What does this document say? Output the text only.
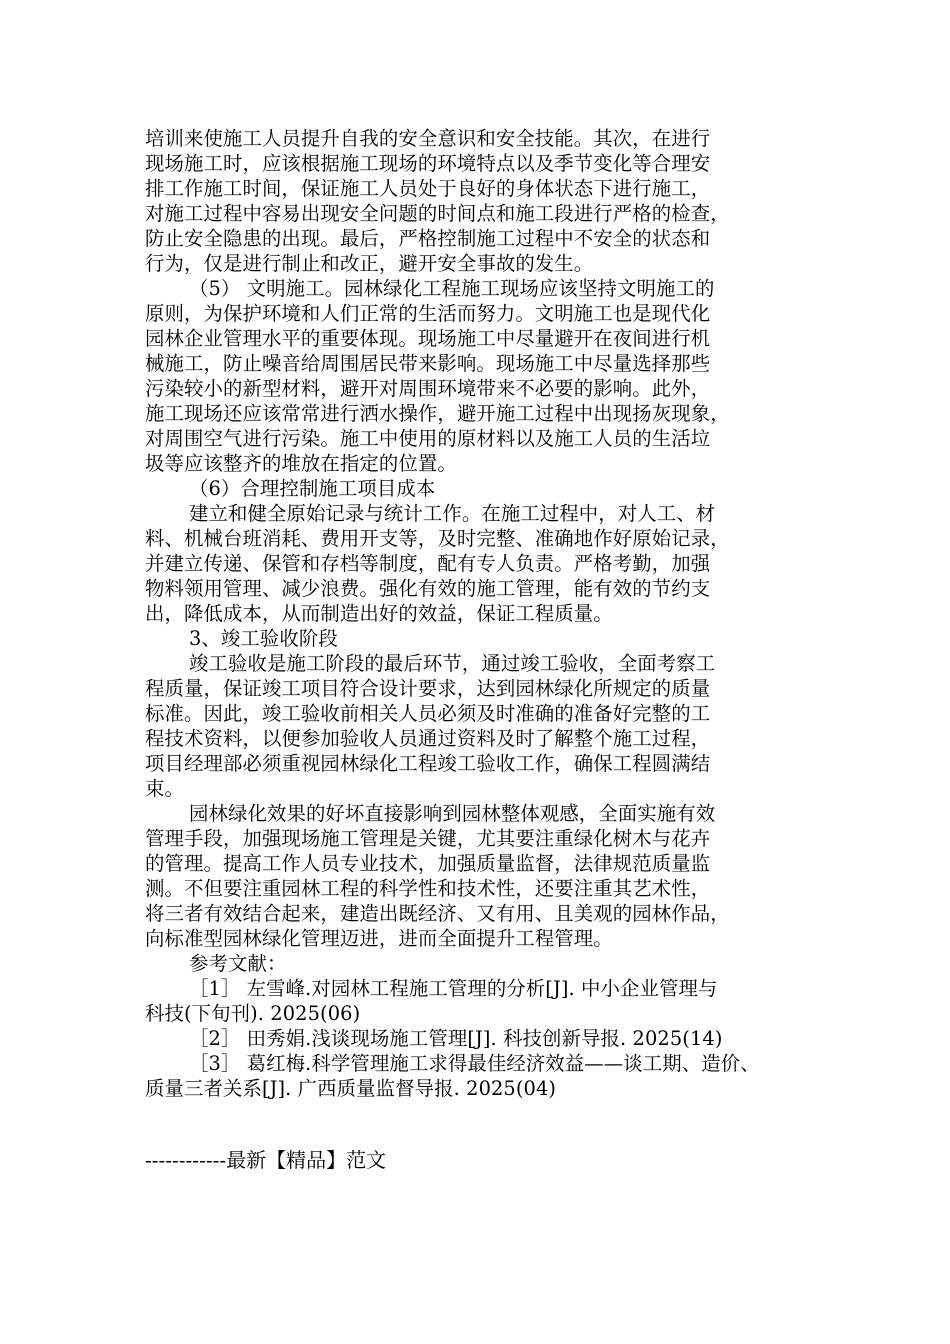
培训来使施工人员提升自我的安全意识和安全技能。其次，在进行
现场施工时，应该根据施工现场的环境特点以及季节变化等合理安
排工作施工时间，保证施工人员处于良好的身体状态下进行施工，
对施工过程中容易出现安全问题的时间点和施工段进行严格的检查，
防止安全隐患的出现。最后，严格控制施工过程中不安全的状态和
行为，仅是进行制止和改正，避开安全事故的发生。
（5） 文明施工。园林绿化工程施工现场应该坚持文明施工的
原则，为保护环境和人们正常的生活而努力。文明施工也是现代化
园林企业管理水平的重要体现。现场施工中尽量避开在夜间进行机
械施工，防止噪音给周围居民带来影响。现场施工中尽量选择那些
污染较小的新型材料，避开对周围环境带来不必要的影响。此外，
施工现场还应该常常进行洒水操作，避开施工过程中出现扬灰现象，
对周围空气进行污染。施工中使用的原材料以及施工人员的生活垃
圾等应该整齐的堆放在指定的位置。
（6）合理控制施工项目成本
建立和健全原始记录与统计工作。在施工过程中，对人工、材
料、机械台班消耗、费用开支等，及时完整、准确地作好原始记录，
并建立传递、保管和存档等制度，配有专人负责。严格考勤，加强
物料领用管理、减少浪费。强化有效的施工管理，能有效的节约支
出，降低成本，从而制造出好的效益，保证工程质量。
3、竣工验收阶段
竣工验收是施工阶段的最后环节，通过竣工验收，全面考察工
程质量，保证竣工项目符合设计要求，达到园林绿化所规定的质量
标准。因此，竣工验收前相关人员必须及时准确的准备好完整的工
程技术资料，以便参加验收人员通过资料及时了解整个施工过程，
项目经理部必须重视园林绿化工程竣工验收工作，确保工程圆满结
束。
园林绿化效果的好坏直接影响到园林整体观感，全面实施有效
管理手段，加强现场施工管理是关键，尤其要注重绿化树木与花卉
的管理。提高工作人员专业技术，加强质量监督，法律规范质量监
测。不但要注重园林工程的科学性和技术性，还要注重其艺术性，
将三者有效结合起来，建造出既经济、又有用、且美观的园林作品，
向标准型园林绿化管理迈进，进而全面提升工程管理。
参考文献：
［1］ 左雪峰.对园林工程施工管理的分析[J]. 中小企业管理与
科技(下旬刊). 2025(06)
［2］ 田秀娟.浅谈现场施工管理[J]. 科技创新导报. 2025(14)
［3］ 葛红梅.科学管理施工求得最佳经济效益——谈工期、造价、
质量三者关系[J]. 广西质量监督导报. 2025(04)
------------最新【精品】范文
